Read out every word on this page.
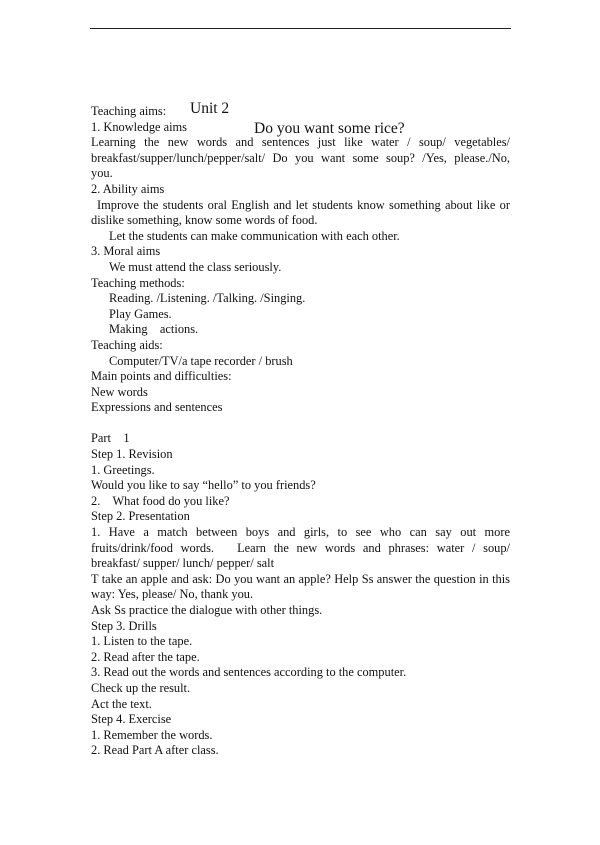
Unit 2

Do you want some rice?

Teaching aims:
1. Knowledge aims
Learning the new words and sentences just like water / soup/ vegetables/
breakfast/supper/lunch/pepper/salt/ Do you want some soup? /Yes, please./No,
you.
2. Ability aims
Improve the students oral English and let students know something about like or
dislike something, know some words of food.
Let the students can make communication with each other.
3. Moral aims
We must attend the class seriously.
Teaching methods:
Reading. /Listening. /Talking. /Singing.
Play Games.
Making    actions.
Teaching aids:
Computer/TV/a tape recorder / brush
Main points and difficulties:
New words
Expressions and sentences
Part    1
Step 1. Revision
1. Greetings.
Would you like to say “hello” to you friends?
2.    What food do you like?
Step 2. Presentation
1. Have a match between boys and girls, to see who can say out more
fruits/drink/food words.   Learn the new words and phrases: water / soup/
breakfast/ supper/ lunch/ pepper/ salt
T take an apple and ask: Do you want an apple? Help Ss answer the question in this
way: Yes, please/ No, thank you.
Ask Ss practice the dialogue with other things.
Step 3. Drills
1. Listen to the tape.
2. Read after the tape.
3. Read out the words and sentences according to the computer.
Check up the result.
Act the text.
Step 4. Exercise
1. Remember the words.
2. Read Part A after class.
